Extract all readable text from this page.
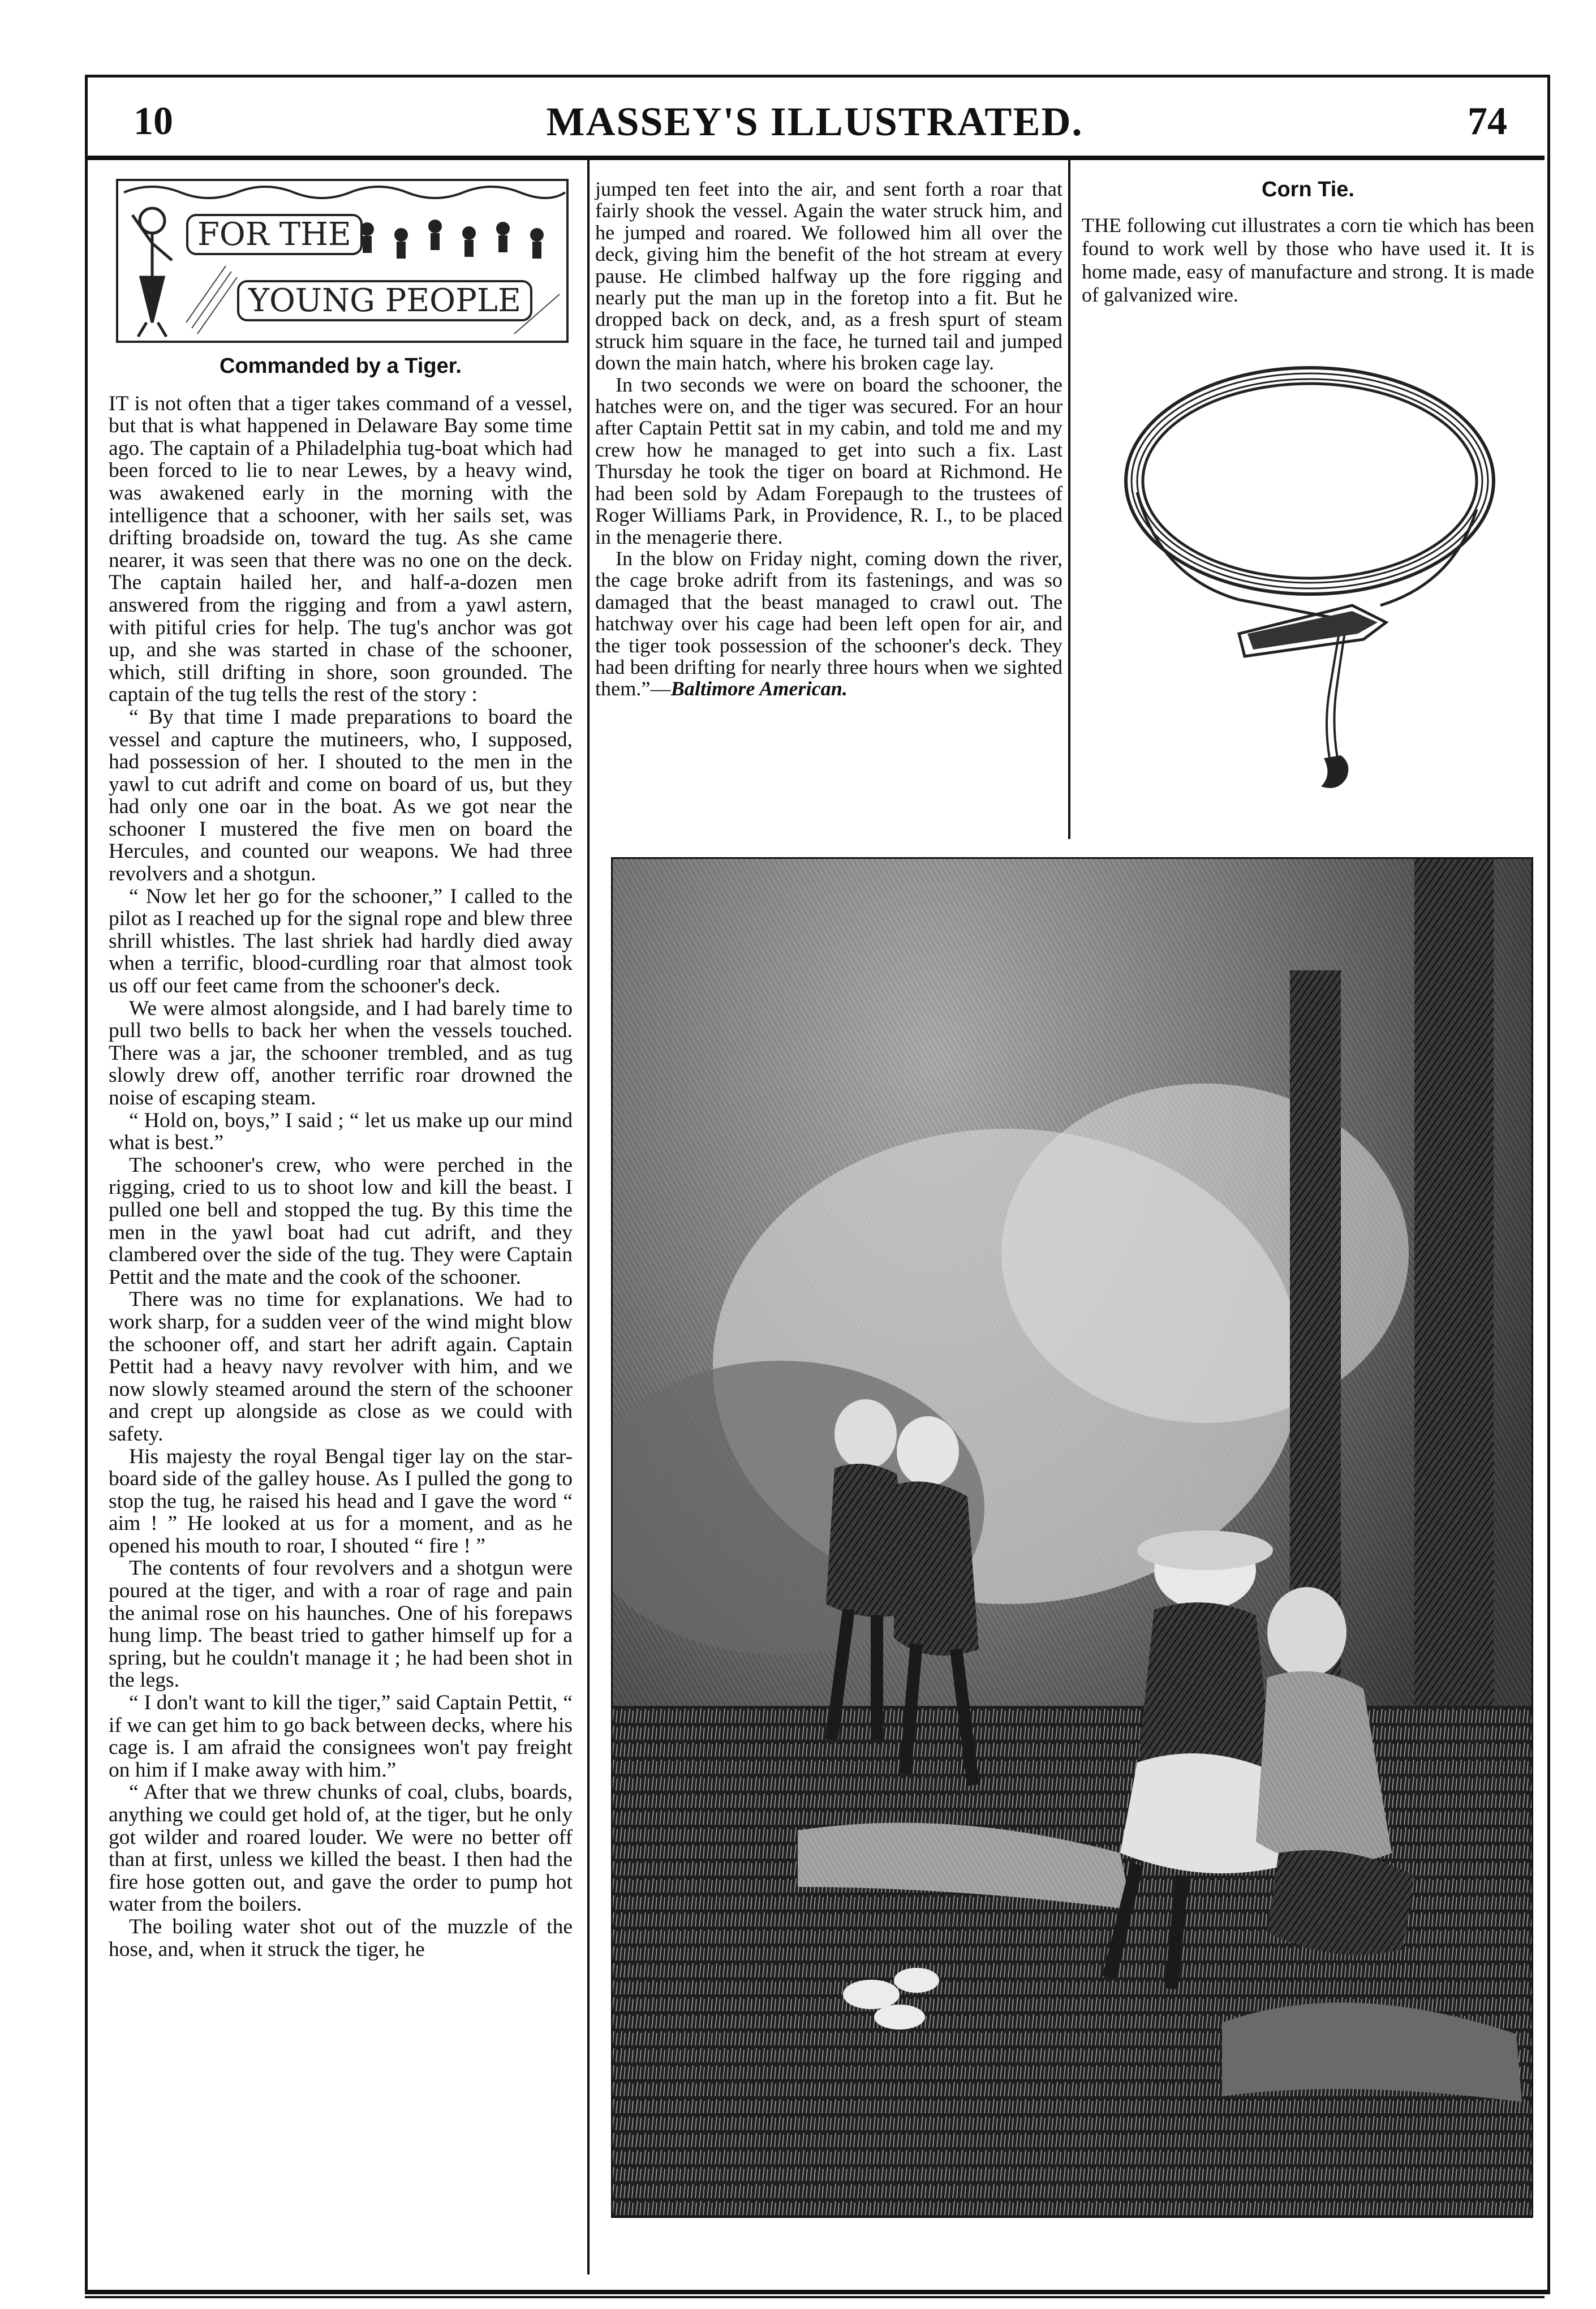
10	MASSEY'S ILLUSTRATED.	74
FOR THE
YOUNG PEOPLE
Commanded by a Tiger.

IT is not often that a tiger takes command of a vessel, but that is what happened in Delaware Bay some time ago. The captain of a Philadelphia tug-boat which had been forced to lie to near Lewes, by a heavy wind, was awakened early in the morning with the intelligence that a schooner, with her sails set, was drifting broadside on, toward the tug. As she came nearer, it was seen that there was no one on the deck. The captain hailed her, and half-a-dozen men answered from the rigging and from a yawl astern, with pitiful cries for help. The tug's anchor was got up, and she was started in chase of the schooner, which, still drifting in shore, soon grounded. The captain of the tug tells the rest of the story :

“ By that time I made preparations to board the vessel and capture the mutineers, who, I supposed, had possession of her. I shouted to the men in the yawl to cut adrift and come on board of us, but they had only one oar in the boat. As we got near the schooner I mustered the five men on board the Hercules, and counted our weapons. We had three revolvers and a shotgun.

“ Now let her go for the schooner,” I called to the pilot as I reached up for the signal rope and blew three shrill whistles. The last shriek had hardly died away when a terrific, blood-curdling roar that almost took us off our feet came from the schooner's deck.

We were almost alongside, and I had barely time to pull two bells to back her when the vessels touched. There was a jar, the schooner trembled, and as tug slowly drew off, another terrific roar drowned the noise of escaping steam.

“ Hold on, boys,” I said ; “ let us make up our mind what is best.”

The schooner's crew, who were perched in the rigging, cried to us to shoot low and kill the beast. I pulled one bell and stopped the tug. By this time the men in the yawl boat had cut adrift, and they clambered over the side of the tug. They were Captain Pettit and the mate and the cook of the schooner.

There was no time for explanations. We had to work sharp, for a sudden veer of the wind might blow the schooner off, and start her adrift again. Captain Pettit had a heavy navy revolver with him, and we now slowly steamed around the stern of the schooner and crept up alongside as close as we could with safety.

His majesty the royal Bengal tiger lay on the star-board side of the galley house. As I pulled the gong to stop the tug, he raised his head and I gave the word “ aim ! ” He looked at us for a moment, and as he opened his mouth to roar, I shouted “ fire ! ”

The contents of four revolvers and a shotgun were poured at the tiger, and with a roar of rage and pain the animal rose on his haunches. One of his forepaws hung limp. The beast tried to gather himself up for a spring, but he couldn't manage it ; he had been shot in the legs.

“ I don't want to kill the tiger,” said Captain Pettit, “ if we can get him to go back between decks, where his cage is. I am afraid the consignees won't pay freight on him if I make away with him.”

“ After that we threw chunks of coal, clubs, boards, anything we could get hold of, at the tiger, but he only got wilder and roared louder. We were no better off than at first, unless we killed the beast. I then had the fire hose gotten out, and gave the order to pump hot water from the boilers.

The boiling water shot out of the muzzle of the hose, and, when it struck the tiger, he

jumped ten feet into the air, and sent forth a roar that fairly shook the vessel. Again the water struck him, and he jumped and roared. We followed him all over the deck, giving him the benefit of the hot stream at every pause. He climbed halfway up the fore rigging and nearly put the man up in the foretop into a fit. But he dropped back on deck, and, as a fresh spurt of steam struck him square in the face, he turned tail and jumped down the main hatch, where his broken cage lay.

In two seconds we were on board the schooner, the hatches were on, and the tiger was secured. For an hour after Captain Pettit sat in my cabin, and told me and my crew how he managed to get into such a fix. Last Thursday he took the tiger on board at Richmond. He had been sold by Adam Forepaugh to the trustees of Roger Williams Park, in Providence, R. I., to be placed in the menagerie there.

In the blow on Friday night, coming down the river, the cage broke adrift from its fastenings, and was so damaged that the beast managed to crawl out. The hatchway over his cage had been left open for air, and the tiger took possession of the schooner's deck. They had been drifting for nearly three hours when we sighted them.”—Baltimore American.

Corn Tie.

THE following cut illustrates a corn tie which has been found to work well by those who have used it. It is home made, easy of manufacture and strong. It is made of galvanized wire.
